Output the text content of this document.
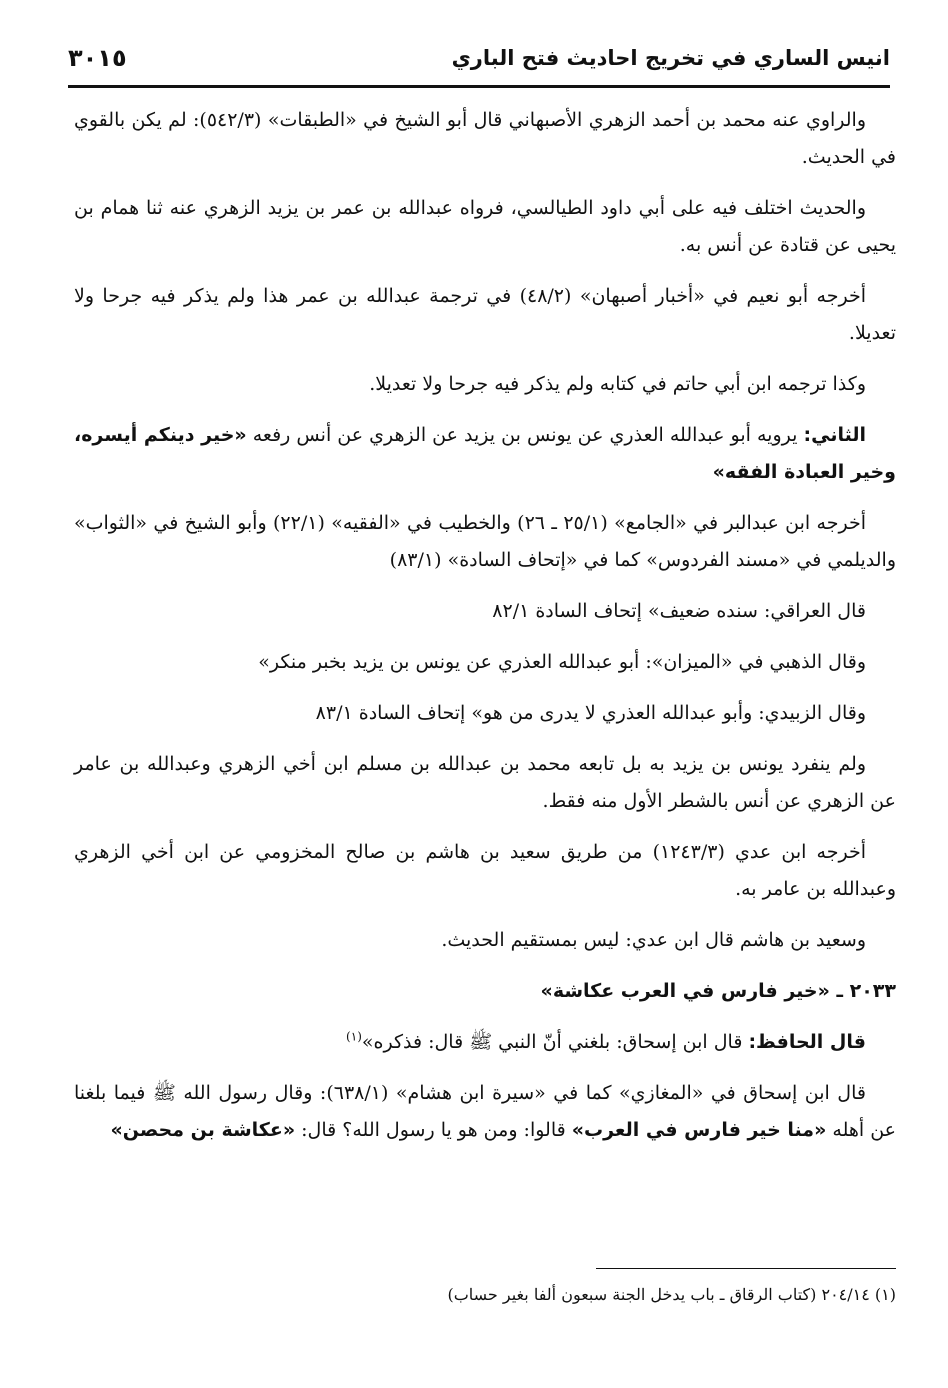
انيس الساري في تخريج احاديث فتح الباري
٣٠١٥

والراوي عنه محمد بن أحمد الزهري الأصبهاني قال أبو الشيخ في «الطبقات» (٥٤٢/٣): لم يكن بالقوي في الحديث.

والحديث اختلف فيه على أبي داود الطيالسي، فرواه عبدالله بن عمر بن يزيد الزهري عنه ثنا همام بن يحيى عن قتادة عن أنس به.

أخرجه أبو نعيم في «أخبار أصبهان» (٤٨/٢) في ترجمة عبدالله بن عمر هذا ولم يذكر فيه جرحا ولا تعديلا.

وكذا ترجمه ابن أبي حاتم في كتابه ولم يذكر فيه جرحا ولا تعديلا.

الثاني: يرويه أبو عبدالله العذري عن يونس بن يزيد عن الزهري عن أنس رفعه «خير دينكم أيسره، وخير العبادة الفقه»

أخرجه ابن عبدالبر في «الجامع» (٢٥/١ ـ ٢٦) والخطيب في «الفقيه» (٢٢/١) وأبو الشيخ في «الثواب» والديلمي في «مسند الفردوس» كما في «إتحاف السادة» (٨٣/١)

قال العراقي: سنده ضعيف» إتحاف السادة ٨٢/١

وقال الذهبي في «الميزان»: أبو عبدالله العذري عن يونس بن يزيد بخبر منكر»

وقال الزبيدي: وأبو عبدالله العذري لا يدرى من هو» إتحاف السادة ٨٣/١

ولم ينفرد يونس بن يزيد به بل تابعه محمد بن عبدالله بن مسلم ابن أخي الزهري وعبدالله بن عامر عن الزهري عن أنس بالشطر الأول منه فقط.

أخرجه ابن عدي (١٢٤٣/٣) من طريق سعيد بن هاشم بن صالح المخزومي عن ابن أخي الزهري وعبدالله بن عامر به.

وسعيد بن هاشم قال ابن عدي: ليس بمستقيم الحديث.

٢٠٣٣ ـ «خير فارس في العرب عكاشة»

قال الحافظ: قال ابن إسحاق: بلغني أنّ النبي ﷺ قال: فذكره»$^{(١)}$

قال ابن إسحاق في «المغازي» كما في «سيرة ابن هشام» (٦٣٨/١): وقال رسول الله ﷺ فيما بلغنا عن أهله «منا خير فارس في العرب» قالوا: ومن هو يا رسول الله؟ قال: «عكاشة بن محصن»

(١) ٢٠٤/١٤ (كتاب الرقاق ـ باب يدخل الجنة سبعون ألفا بغير حساب)
